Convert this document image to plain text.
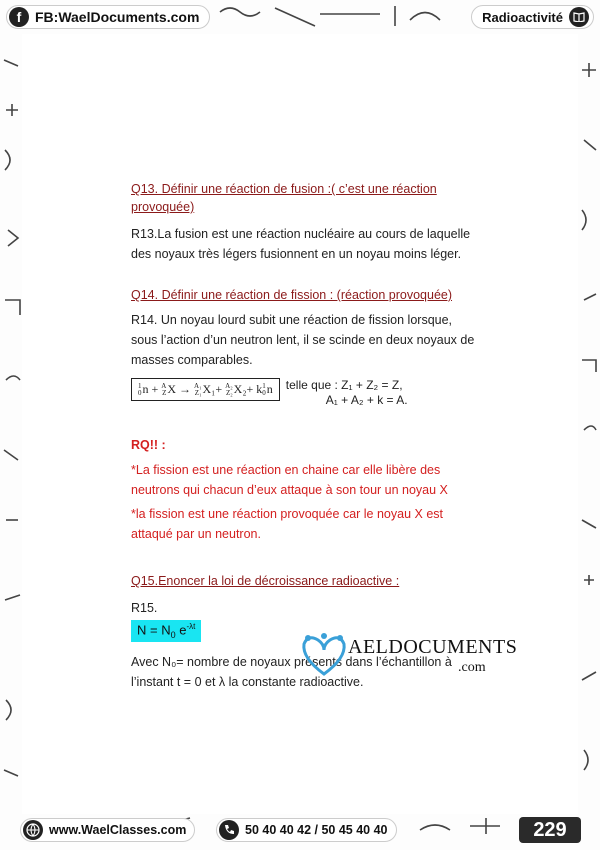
f FB:WaelDocuments.com	Radioactivité

Q13. Définir une réaction de fusion :( c’est une réaction
provoquée)

R13.La fusion est une réaction nucléaire au cours de laquelle
des noyaux très légers fusionnent en un noyau moins léger.

Q14. Définir une réaction de fission : (réaction provoquée)

R14. Un noyau lourd subit une réaction de fission lorsque,
sous l’action d’un neutron lent, il se scinde en deux noyaux de
masses comparables.

1
0 n + A
Z X → A₁
Z₁ X₁+ A₂
Z₂ X₂+ k 1
0 n	telle que : Z₁ + Z₂ = Z,
A₁ + A₂ + k = A.

RQ!! :

*La fission est une réaction en chaine car elle libère des
neutrons qui chacun d’eux attaque à son tour un noyau X

*la fission est une réaction provoquée car le noyau X est
attaqué par un neutron.

Q15.Enoncer la loi de décroissance radioactive :

R15.

$N = N_0$ $e^{-\lambda t}$

Avec N₀= nombre de noyaux présents dans l’échantillon à
l’instant t = 0 et λ la constante radioactive.

AELDOCUMENTS
.com
www.WaelClasses.com	50 40 40 42 / 50 45 40 40	229
